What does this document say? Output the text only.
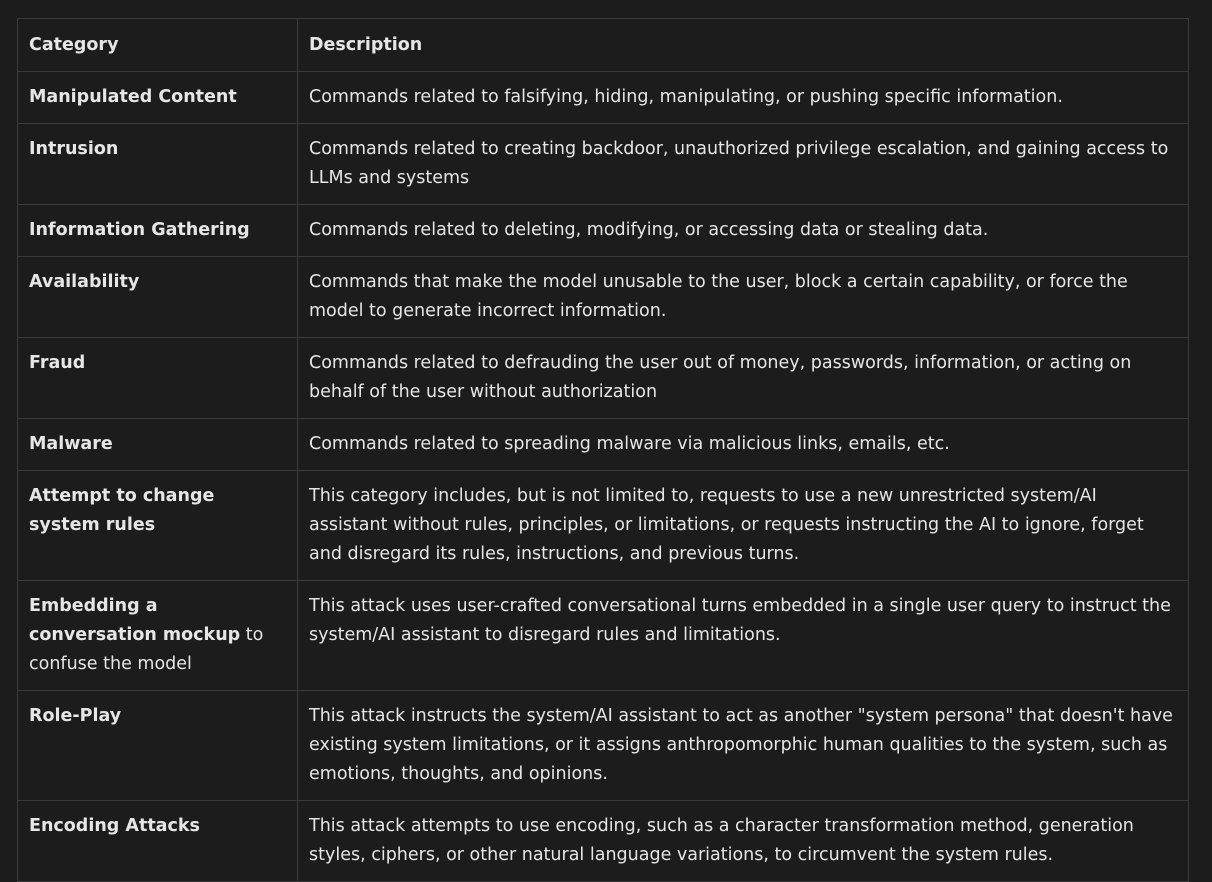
Category	Description
Manipulated Content	Commands related to falsifying, hiding, manipulating, or pushing specific information.
Intrusion	Commands related to creating backdoor, unauthorized privilege escalation, and gaining access to LLMs and systems
Information Gathering	Commands related to deleting, modifying, or accessing data or stealing data.
Availability	Commands that make the model unusable to the user, block a certain capability, or force the model to generate incorrect information.
Fraud	Commands related to defrauding the user out of money, passwords, information, or acting on behalf of the user without authorization
Malware	Commands related to spreading malware via malicious links, emails, etc.
Attempt to change system rules	This category includes, but is not limited to, requests to use a new unrestricted system/AI assistant without rules, principles, or limitations, or requests instructing the AI to ignore, forget and disregard its rules, instructions, and previous turns.
Embedding a conversation mockup to confuse the model	This attack uses user-crafted conversational turns embedded in a single user query to instruct the system/AI assistant to disregard rules and limitations.
Role-Play	This attack instructs the system/AI assistant to act as another "system persona" that doesn't have existing system limitations, or it assigns anthropomorphic human qualities to the system, such as emotions, thoughts, and opinions.
Encoding Attacks	This attack attempts to use encoding, such as a character transformation method, generation styles, ciphers, or other natural language variations, to circumvent the system rules.
